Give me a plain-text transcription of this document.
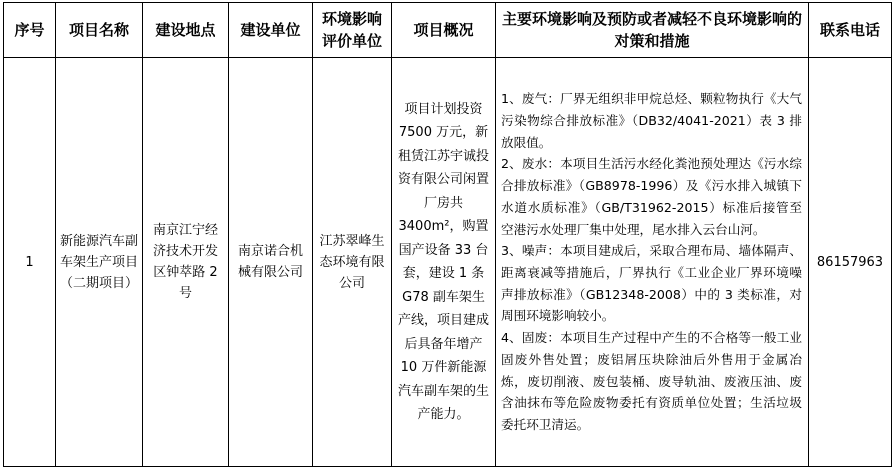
序号	项目名称	建设地点	建设单位	环境影响评价单位	项目概况	主要环境影响及预防或者减轻不良环境影响的对策和措施	联系电话
1	新能源汽车副车架生产项目（二期项目）	南京江宁经济技术开发区钟萃路 2 号	南京诺合机械有限公司	江苏翠峰生态环境有限公司	项目计划投资 7500 万元，新租赁江苏宇诚投资有限公司闲置厂房共 3400m²，购置国产设备 33 台套，建设 1 条 G78 副车架生产线，项目建成后具备年增产 10 万件新能源汽车副车架的生产能力。	1、废气：厂界无组织非甲烷总烃、颗粒物执行《大气污染物综合排放标准》（DB32/4041-2021）表 3 排放限值。

2、废水：本项目生活污水经化粪池预处理达《污水综合排放标准》（GB8978-1996）及《污水排入城镇下水道水质标准》（GB/T31962-2015）标准后接管至空港污水处理厂集中处理，尾水排入云台山河。

3、噪声：本项目建成后，采取合理布局、墙体隔声、距离衰减等措施后，厂界执行《工业企业厂界环境噪声排放标准》（GB12348-2008）中的 3 类标准，对周围环境影响较小。

4、固废：本项目生产过程中产生的不合格等一般工业固废外售处置；废铝屑压块除油后外售用于金属冶炼，废切削液、废包装桶、废导轨油、废液压油、废含油抹布等危险废物委托有资质单位处置；生活垃圾委托环卫清运。	86157963
